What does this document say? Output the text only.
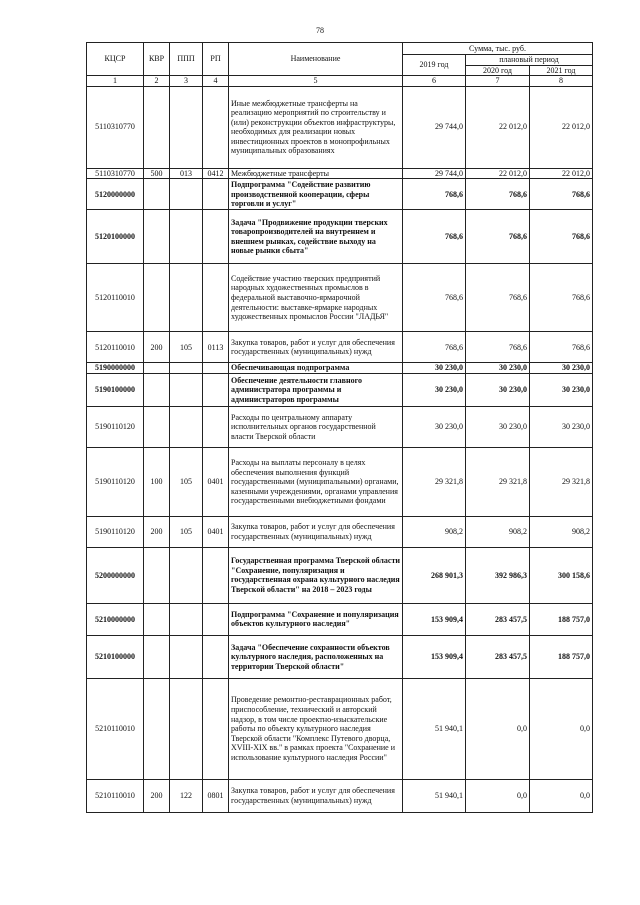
78
КЦСР	КВР	ППП	РП	Наименование	Сумма, тыс. руб.		
					2019 год	плановый период	
						2020 год	2021 год
1	2	3	4	5	6	7	8
5110310770				Иные межбюджетные трансферты на реализацию мероприятий по строительству и (или) реконструкции объектов инфраструктуры, необходимых для реализации новых инвестиционных проектов в монопрофильных муниципальных образованиях	29 744,0	22 012,0	22 012,0
5110310770	500	013	0412	Межбюджетные трансферты	29 744,0	22 012,0	22 012,0
5120000000				Подпрограмма "Содействие развитию производственной кооперации, сферы торговли и услуг"	768,6	768,6	768,6
5120100000				Задача "Продвижение продукции тверских товаропроизводителей на внутреннем и внешнем рынках, содействие выходу на новые рынки сбыта"	768,6	768,6	768,6
5120110010				Содействие участию тверских предприятий народных художественных промыслов в федеральной выставочно-ярмарочной деятельности: выставке-ярмарке народных художественных промыслов России "ЛАДЬЯ"	768,6	768,6	768,6
5120110010	200	105	0113	Закупка товаров, работ и услуг для обеспечения государственных (муниципальных) нужд	768,6	768,6	768,6
5190000000				Обеспечивающая подпрограмма	30 230,0	30 230,0	30 230,0
5190100000				Обеспечение деятельности главного администратора программы и администраторов программы	30 230,0	30 230,0	30 230,0
5190110120				Расходы по центральному аппарату исполнительных органов государственной власти Тверской области	30 230,0	30 230,0	30 230,0
5190110120	100	105	0401	Расходы на выплаты персоналу в целях обеспечения выполнения функций государственными (муниципальными) органами, казенными учреждениями, органами управления государственными внебюджетными фондами	29 321,8	29 321,8	29 321,8
5190110120	200	105	0401	Закупка товаров, работ и услуг для обеспечения государственных (муниципальных) нужд	908,2	908,2	908,2
5200000000				Государственная программа Тверской области "Сохранение, популяризация и государственная охрана культурного наследия Тверской области" на 2018 – 2023 годы	268 901,3	392 986,3	300 158,6
5210000000				Подпрограмма "Сохранение и популяризация объектов культурного наследия"	153 909,4	283 457,5	188 757,0
5210100000				Задача "Обеспечение сохранности объектов культурного наследия, расположенных на территории Тверской области"	153 909,4	283 457,5	188 757,0
5210110010				Проведение ремонтно-реставрационных работ, приспособление, технический и авторский надзор, в том числе проектно-изыскательские работы по объекту культурного наследия Тверской области "Комплекс Путевого дворца, XVIII-XIX вв." в рамках проекта "Сохранение и использование культурного наследия России"	51 940,1	0,0	0,0
5210110010	200	122	0801	Закупка товаров, работ и услуг для обеспечения государственных (муниципальных) нужд	51 940,1	0,0	0,0
